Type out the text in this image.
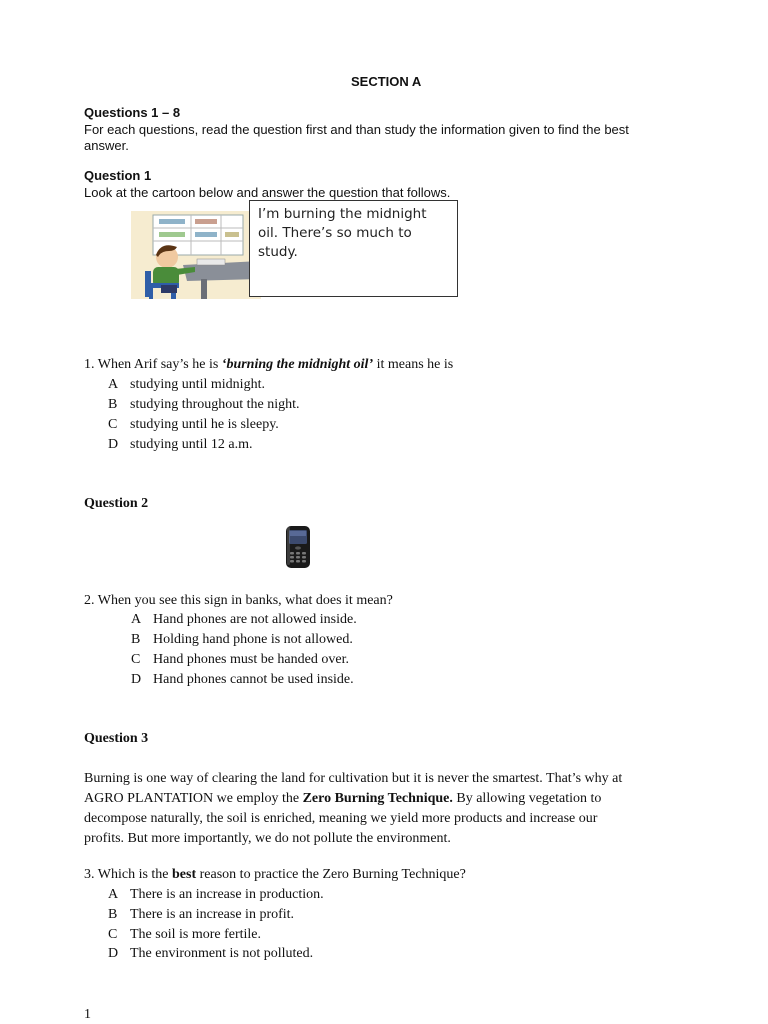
SECTION A
Questions 1 – 8
For each questions, read the question first and than study the information given to find the best
answer.
Question 1
Look at the cartoon below and answer the question that follows.
I’m burning the midnight
oil. There’s so much to
study.
1. When Arif say’s he is ‘burning the midnight oil’ it means he is
A studying until midnight.
B studying throughout the night.
C studying until he is sleepy.
D studying until 12 a.m.
Question 2
2. When you see this sign in banks, what does it mean?
A Hand phones are not allowed inside.
B Holding hand phone is not allowed.
C Hand phones must be handed over.
D Hand phones cannot be used inside.
Question 3
Burning is one way of clearing the land for cultivation but it is never the smartest. That’s why at
AGRO PLANTATION we employ the Zero Burning Technique. By allowing vegetation to
decompose naturally, the soil is enriched, meaning we yield more products and increase our
profits. But more importantly, we do not pollute the environment.
3. Which is the best reason to practice the Zero Burning Technique?
A There is an increase in production.
B There is an increase in profit.
C The soil is more fertile.
D The environment is not polluted.
1
